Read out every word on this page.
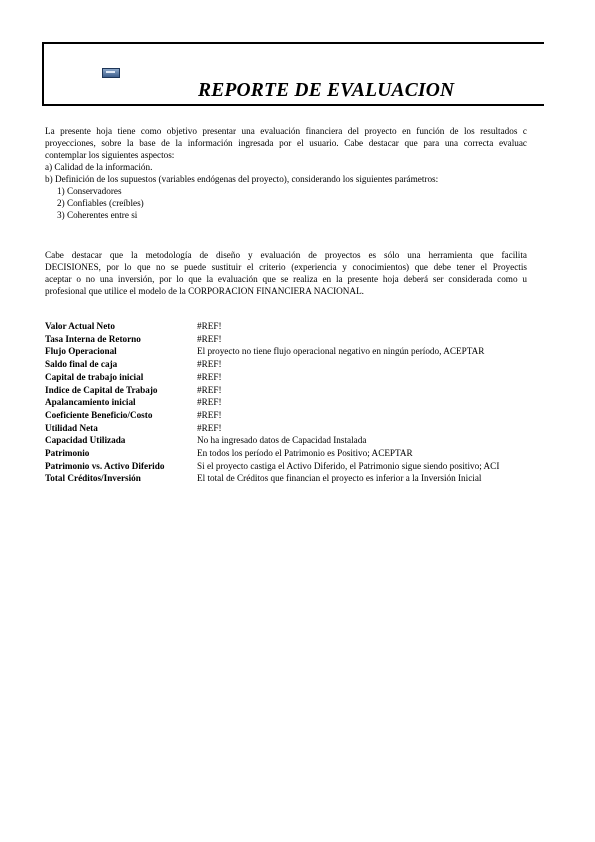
REPORTE DE EVALUACION
La presente hoja tiene como objetivo presentar una evaluación financiera del proyecto en función de los resultados c
proyecciones, sobre la base de la información ingresada por el usuario. Cabe destacar que para una correcta evaluac
contemplar los siguientes aspectos:
a) Calidad de la información.
b) Definición de los supuestos (variables endógenas del proyecto), considerando los siguientes parámetros:
1) Conservadores
2) Confiables (creíbles)
3) Coherentes entre si
Cabe destacar que la metodología de diseño y evaluación de proyectos es sólo una herramienta que facilita
DECISIONES, por lo que no se puede sustituir el criterio (experiencia y conocimientos) que debe tener el Proyectis
aceptar o no una inversión, por lo que la evaluación que se realiza en la presente hoja deberá ser considerada como u
profesional que utilice el modelo de la CORPORACION FINANCIERA NACIONAL.
Valor Actual Neto	#REF!
Tasa Interna de Retorno	#REF!
Flujo Operacional	El proyecto no tiene flujo operacional negativo en ningún período, ACEPTAR
Saldo final de caja	#REF!
Capital de trabajo inicial	#REF!
Indice de Capital de Trabajo	#REF!
Apalancamiento inicial	#REF!
Coeficiente Beneficio/Costo	#REF!
Utilidad Neta	#REF!
Capacidad Utilizada	No ha ingresado datos de Capacidad Instalada
Patrimonio	En todos los período el Patrimonio es Positivo; ACEPTAR
Patrimonio vs. Activo Diferido	Si el proyecto castiga el Activo Diferido, el Patrimonio sigue siendo positivo; ACI
Total Créditos/Inversión	El total de Créditos que financian el proyecto es inferior a la Inversión Inicial
